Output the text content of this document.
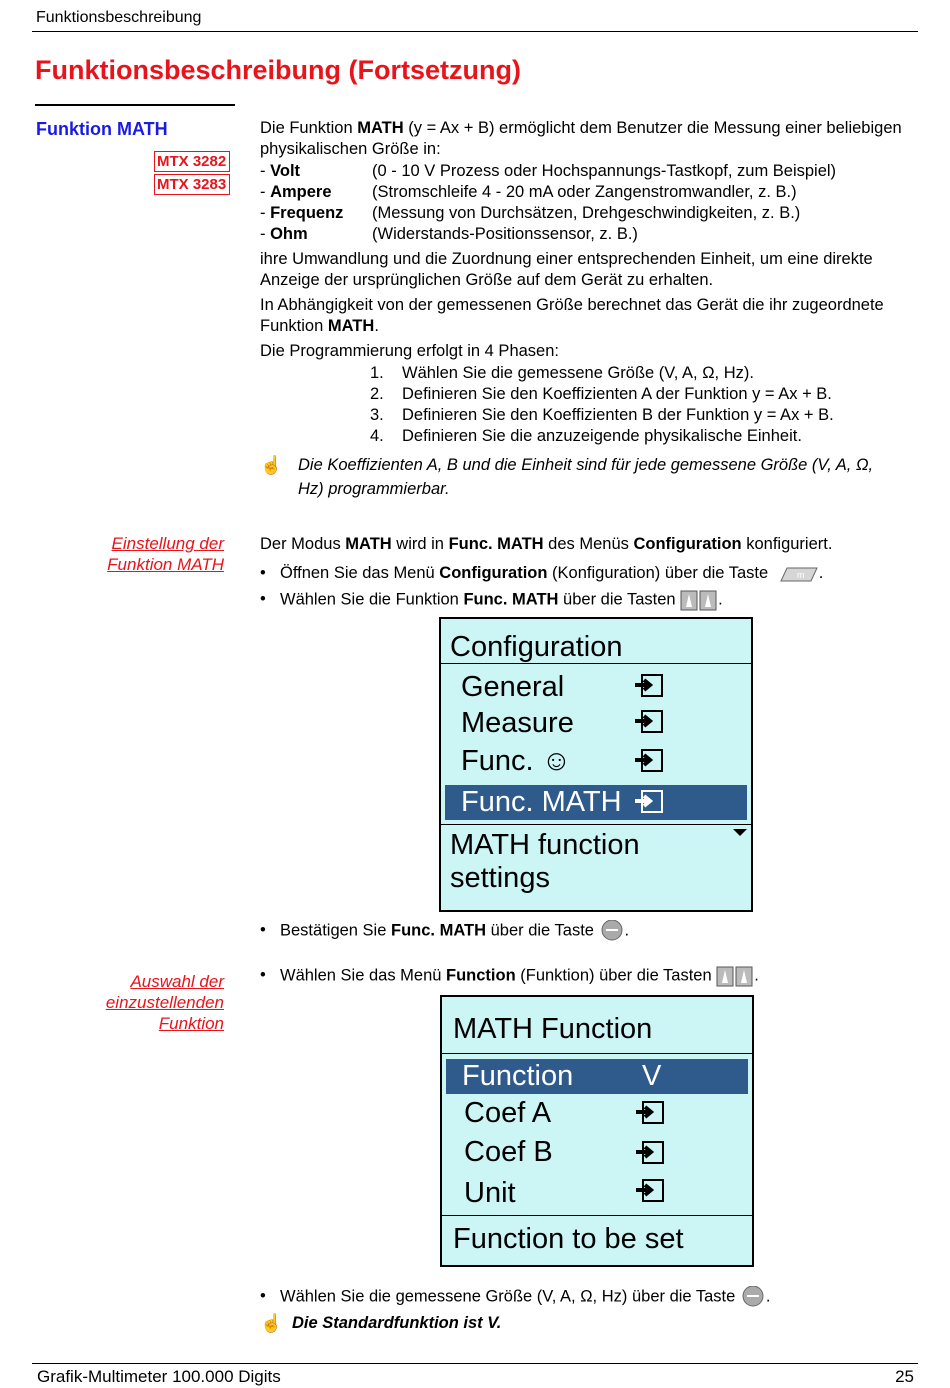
Funktionsbeschreibung
Funktionsbeschreibung (Fortsetzung)
Funktion MATH
MTX 3282
MTX 3283

Die Funktion MATH (y = Ax + B) ermöglicht dem Benutzer die Messung einer beliebigen physikalischen Größe in:

- Volt	(0 - 10 V Prozess oder Hochspannungs-Tastkopf, zum Beispiel)
- Ampere	(Stromschleife 4 - 20 mA oder Zangenstromwandler, z. B.)
- Frequenz	(Messung von Durchsätzen, Drehgeschwindigkeiten, z. B.)
- Ohm	(Widerstands-Positionssensor, z. B.)

ihre Umwandlung und die Zuordnung einer entsprechenden Einheit, um eine direkte Anzeige der ursprünglichen Größe auf dem Gerät zu erhalten.

In Abhängigkeit von der gemessenen Größe berechnet das Gerät die ihr zugeordnete Funktion MATH.

Die Programmierung erfolgt in 4 Phasen:

1.	Wählen Sie die gemessene Größe (V, A, Ω, Hz).
2.	Definieren Sie den Koeffizienten A der Funktion y = Ax + B.
3.	Definieren Sie den Koeffizienten B der Funktion y = Ax + B.
4.	Definieren Sie die anzuzeigende physikalische Einheit.
☝ Die Koeffizienten A, B und die Einheit sind für jede gemessene Größe (V, A, Ω, Hz) programmierbar.
Einstellung der
Funktion MATH

Der Modus MATH wird in Func. MATH des Menüs Configuration konfiguriert.

• Öffnen Sie das Menü Configuration (Konfiguration) über die Taste	m .
• Wählen Sie die Funktion Func. MATH über die Tasten .
Configuration
General
Measure
Func. ☺
Func. MATH
MATH function
settings
• Bestätigen Sie Func. MATH über die Taste .
Auswahl der
einzustellenden
Funktion
• Wählen Sie das Menü Function (Funktion) über die Tasten .
MATH Function
Function V
Coef A
Coef B
Unit
Function to be set
• Wählen Sie die gemessene Größe (V, A, Ω, Hz) über die Taste .
☝ Die Standardfunktion ist V.
Grafik-Multimeter 100.000 Digits	25
